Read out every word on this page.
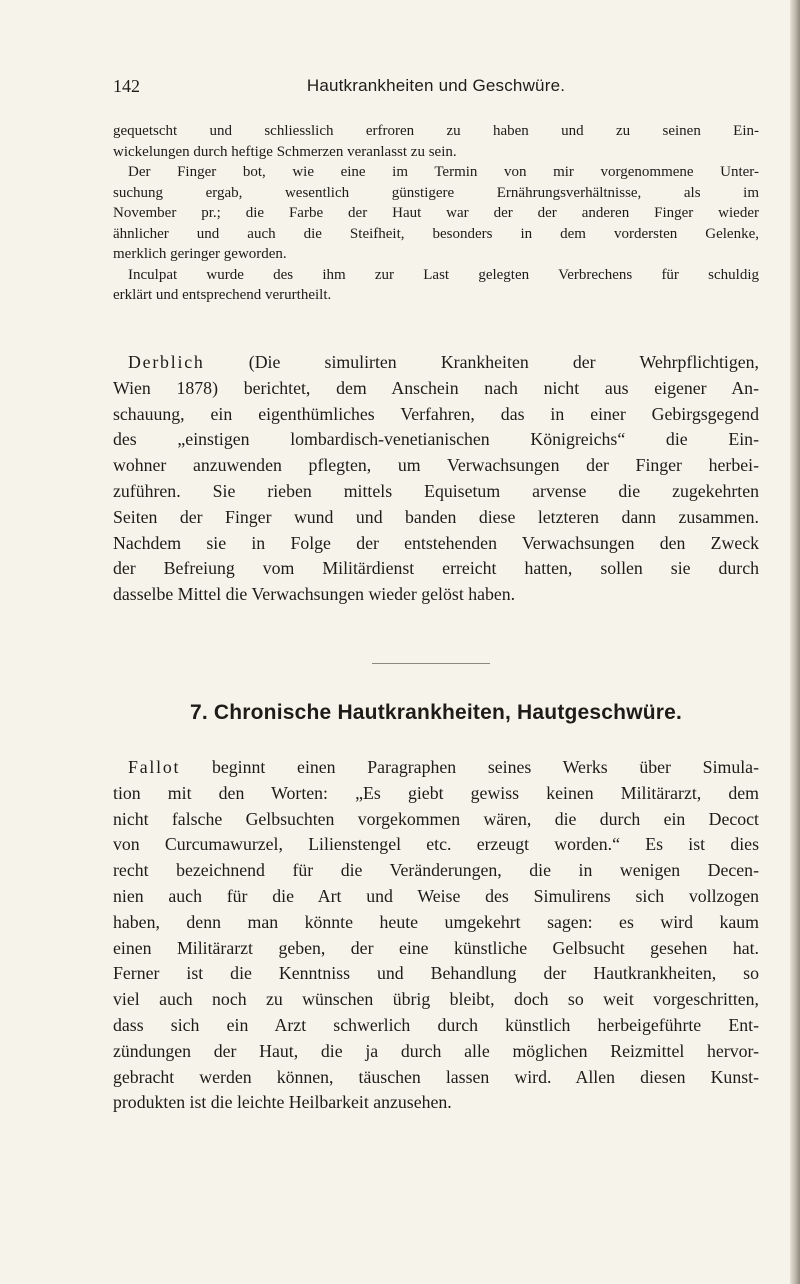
142	Hautkrankheiten und Geschwüre.

gequetscht und schliesslich erfroren zu haben und zu seinen Ein-
wickelungen durch heftige Schmerzen veranlasst zu sein.

Der Finger bot, wie eine im Termin von mir vorgenommene Unter-
suchung ergab, wesentlich günstigere Ernährungsverhältnisse, als im
November pr.; die Farbe der Haut war der der anderen Finger wieder
ähnlicher und auch die Steifheit, besonders in dem vordersten Gelenke,
merklich geringer geworden.

Inculpat wurde des ihm zur Last gelegten Verbrechens für schuldig
erklärt und entsprechend verurtheilt.

Derblich (Die simulirten Krankheiten der Wehrpflichtigen,
Wien 1878) berichtet, dem Anschein nach nicht aus eigener An-
schauung, ein eigenthümliches Verfahren, das in einer Gebirgsgegend
des „einstigen lombardisch-venetianischen Königreichs“ die Ein-
wohner anzuwenden pflegten, um Verwachsungen der Finger herbei-
zuführen. Sie rieben mittels Equisetum arvense die zugekehrten
Seiten der Finger wund und banden diese letzteren dann zusammen.
Nachdem sie in Folge der entstehenden Verwachsungen den Zweck
der Befreiung vom Militärdienst erreicht hatten, sollen sie durch
dasselbe Mittel die Verwachsungen wieder gelöst haben.
7. Chronische Hautkrankheiten, Hautgeschwüre.
Fallot beginnt einen Paragraphen seines Werks über Simula-
tion mit den Worten: „Es giebt gewiss keinen Militärarzt, dem
nicht falsche Gelbsuchten vorgekommen wären, die durch ein Decoct
von Curcumawurzel, Lilienstengel etc. erzeugt worden.“ Es ist dies
recht bezeichnend für die Veränderungen, die in wenigen Decen-
nien auch für die Art und Weise des Simulirens sich vollzogen
haben, denn man könnte heute umgekehrt sagen: es wird kaum
einen Militärarzt geben, der eine künstliche Gelbsucht gesehen hat.
Ferner ist die Kenntniss und Behandlung der Hautkrankheiten, so
viel auch noch zu wünschen übrig bleibt, doch so weit vorgeschritten,
dass sich ein Arzt schwerlich durch künstlich herbeigeführte Ent-
zündungen der Haut, die ja durch alle möglichen Reizmittel hervor-
gebracht werden können, täuschen lassen wird. Allen diesen Kunst-
produkten ist die leichte Heilbarkeit anzusehen.
